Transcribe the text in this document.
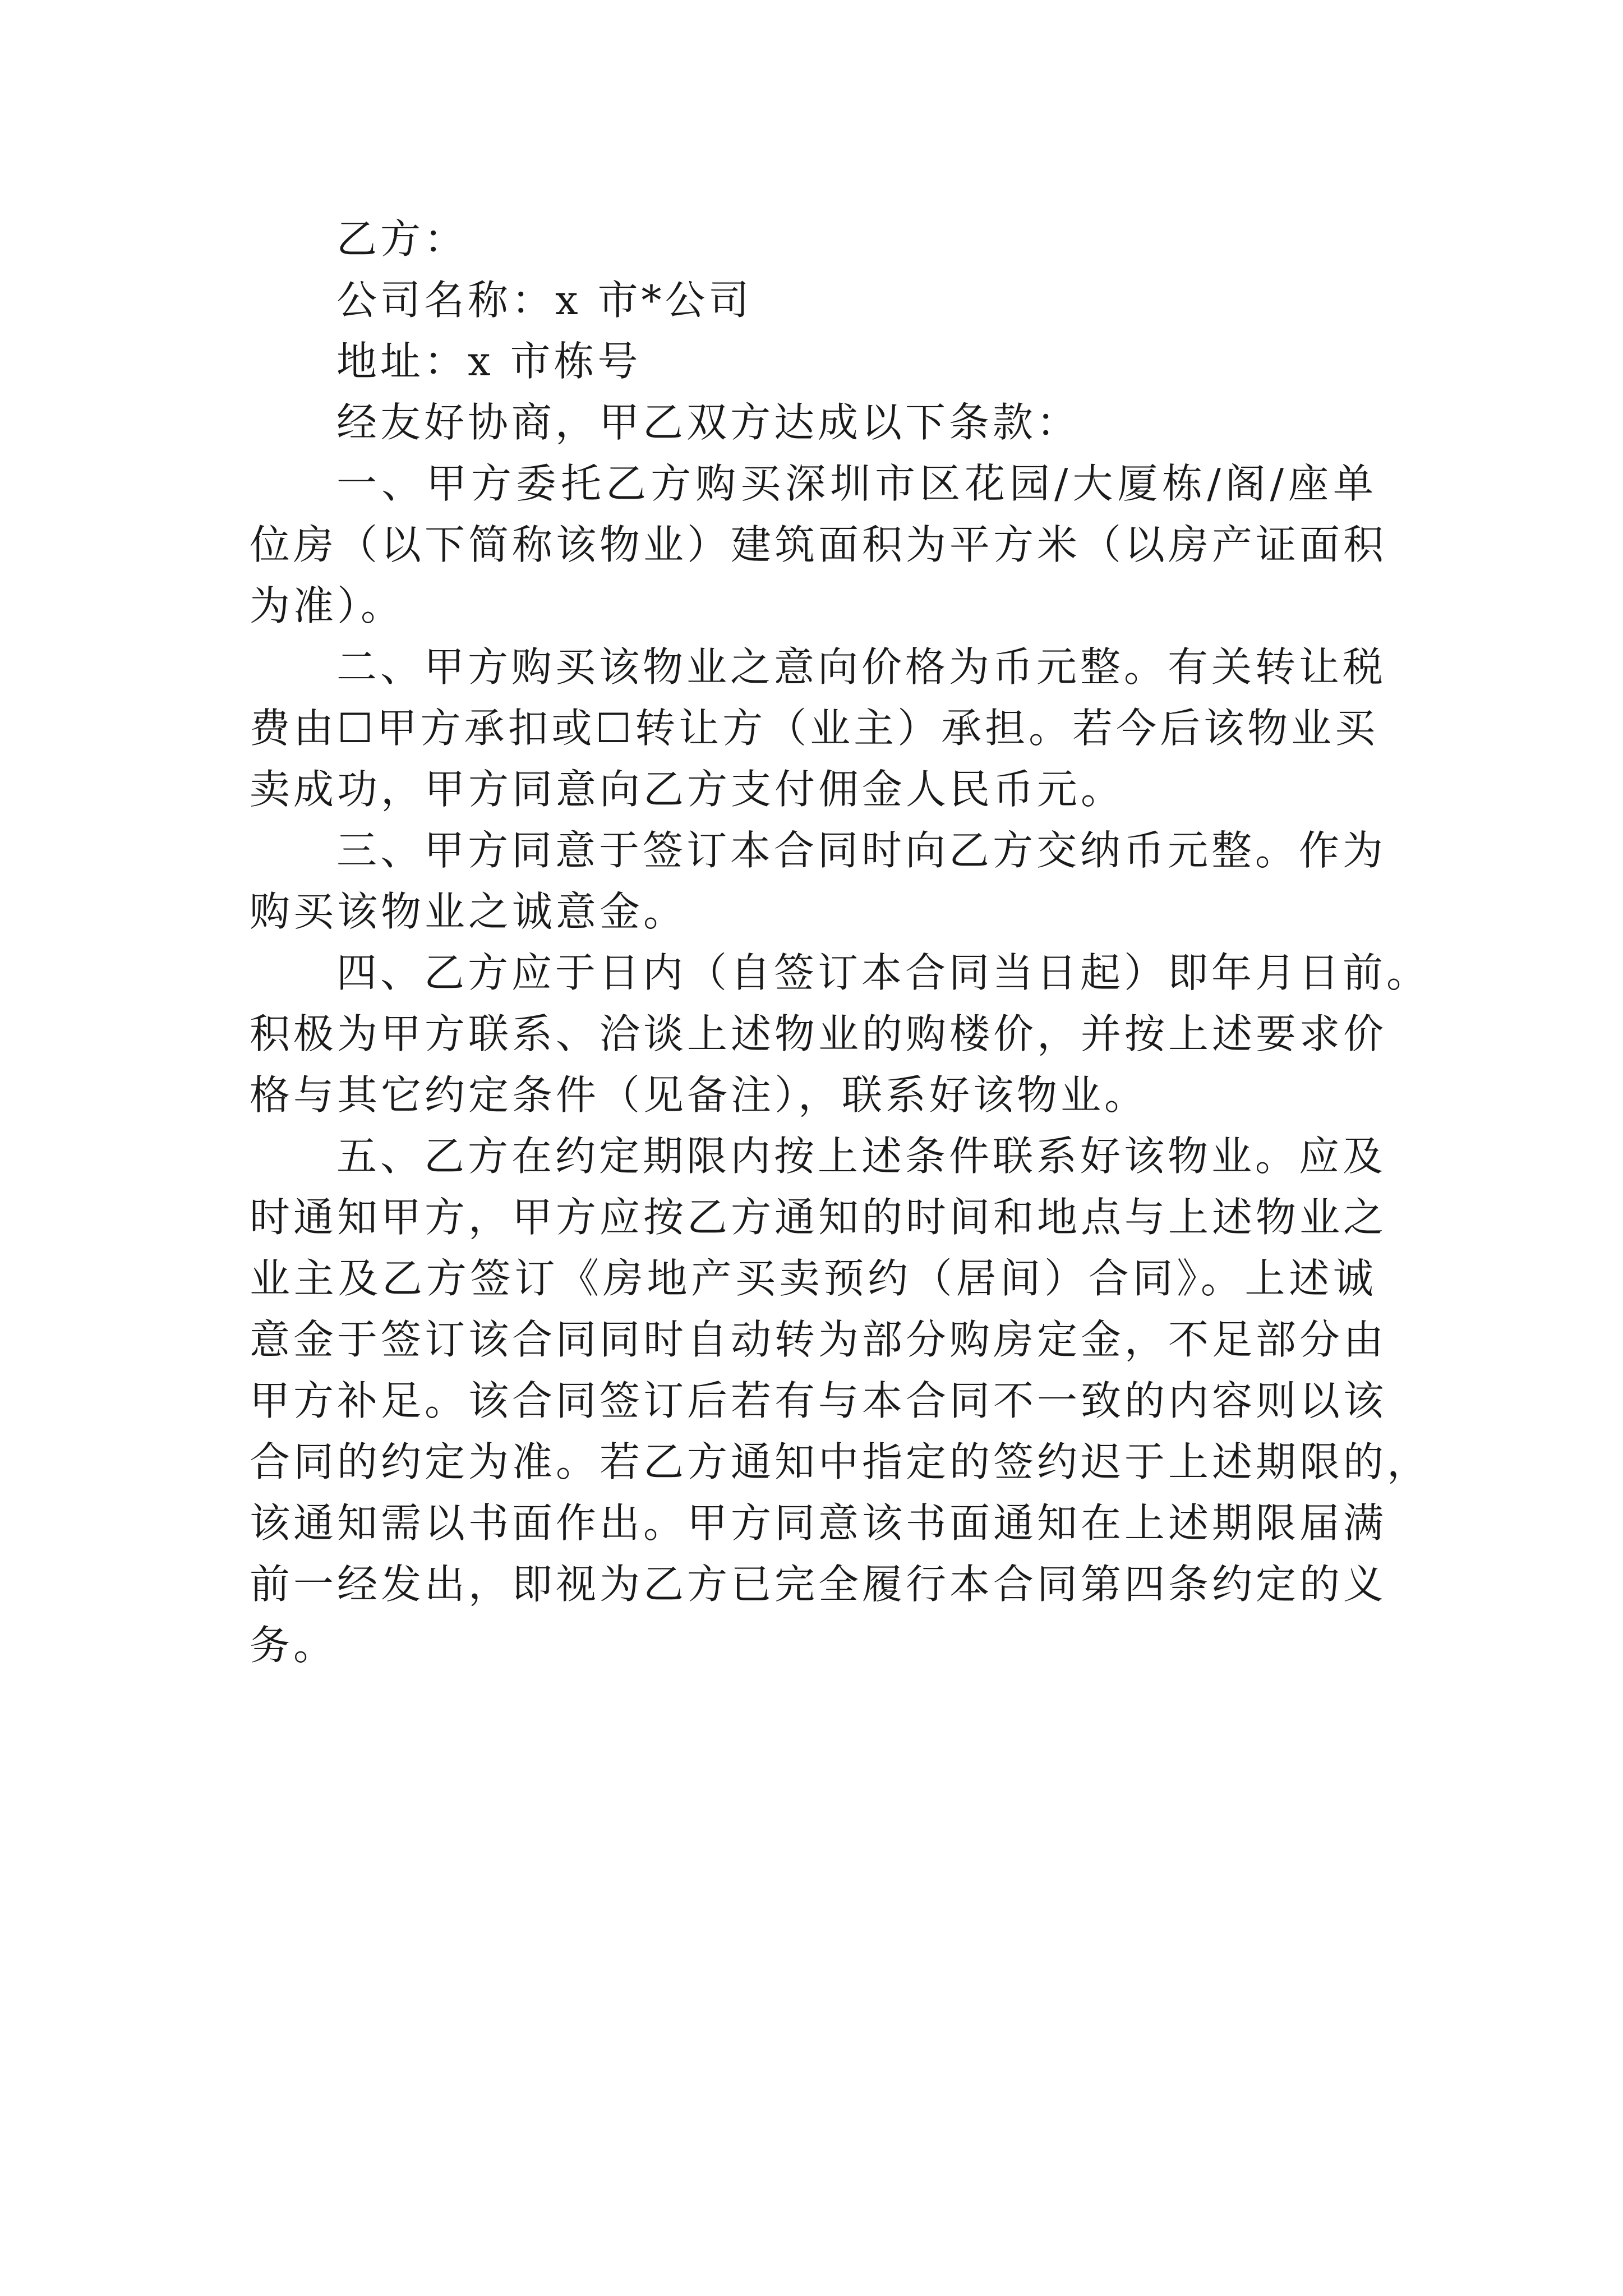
乙方：
公司名称：x 市*公司
地址：x 市栋号
经友好协商，甲乙双方达成以下条款：
一、甲方委托乙方购买深圳市区花园/大厦栋/阁/座单
位房（以下简称该物业）建筑面积为平方米（以房产证面积
为准）。
二、甲方购买该物业之意向价格为币元整。有关转让税
费由☐甲方承扣或☐转让方（业主）承担。若今后该物业买
卖成功，甲方同意向乙方支付佣金人民币元。
三、甲方同意于签订本合同时向乙方交纳币元整。作为
购买该物业之诚意金。
四、乙方应于日内（自签订本合同当日起）即年月日前。
积极为甲方联系、洽谈上述物业的购楼价，并按上述要求价
格与其它约定条件（见备注），联系好该物业。
五、乙方在约定期限内按上述条件联系好该物业。应及
时通知甲方，甲方应按乙方通知的时间和地点与上述物业之
业主及乙方签订《房地产买卖预约（居间）合同》。上述诚
意金于签订该合同同时自动转为部分购房定金，不足部分由
甲方补足。该合同签订后若有与本合同不一致的内容则以该
合同的约定为准。若乙方通知中指定的签约迟于上述期限的，
该通知需以书面作出。甲方同意该书面通知在上述期限届满
前一经发出，即视为乙方已完全履行本合同第四条约定的义
务。
